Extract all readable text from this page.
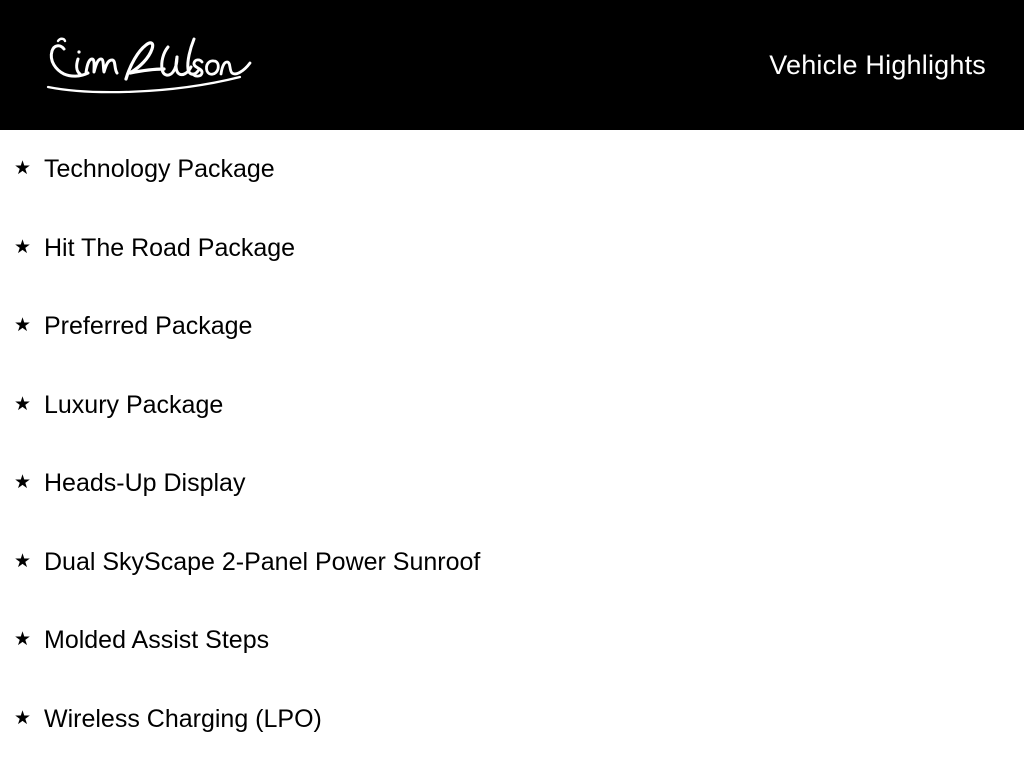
Vehicle Highlights
★ Technology Package
★ Hit The Road Package
★ Preferred Package
★ Luxury Package
★ Heads-Up Display
★ Dual SkyScape 2-Panel Power Sunroof
★ Molded Assist Steps
★ Wireless Charging (LPO)
